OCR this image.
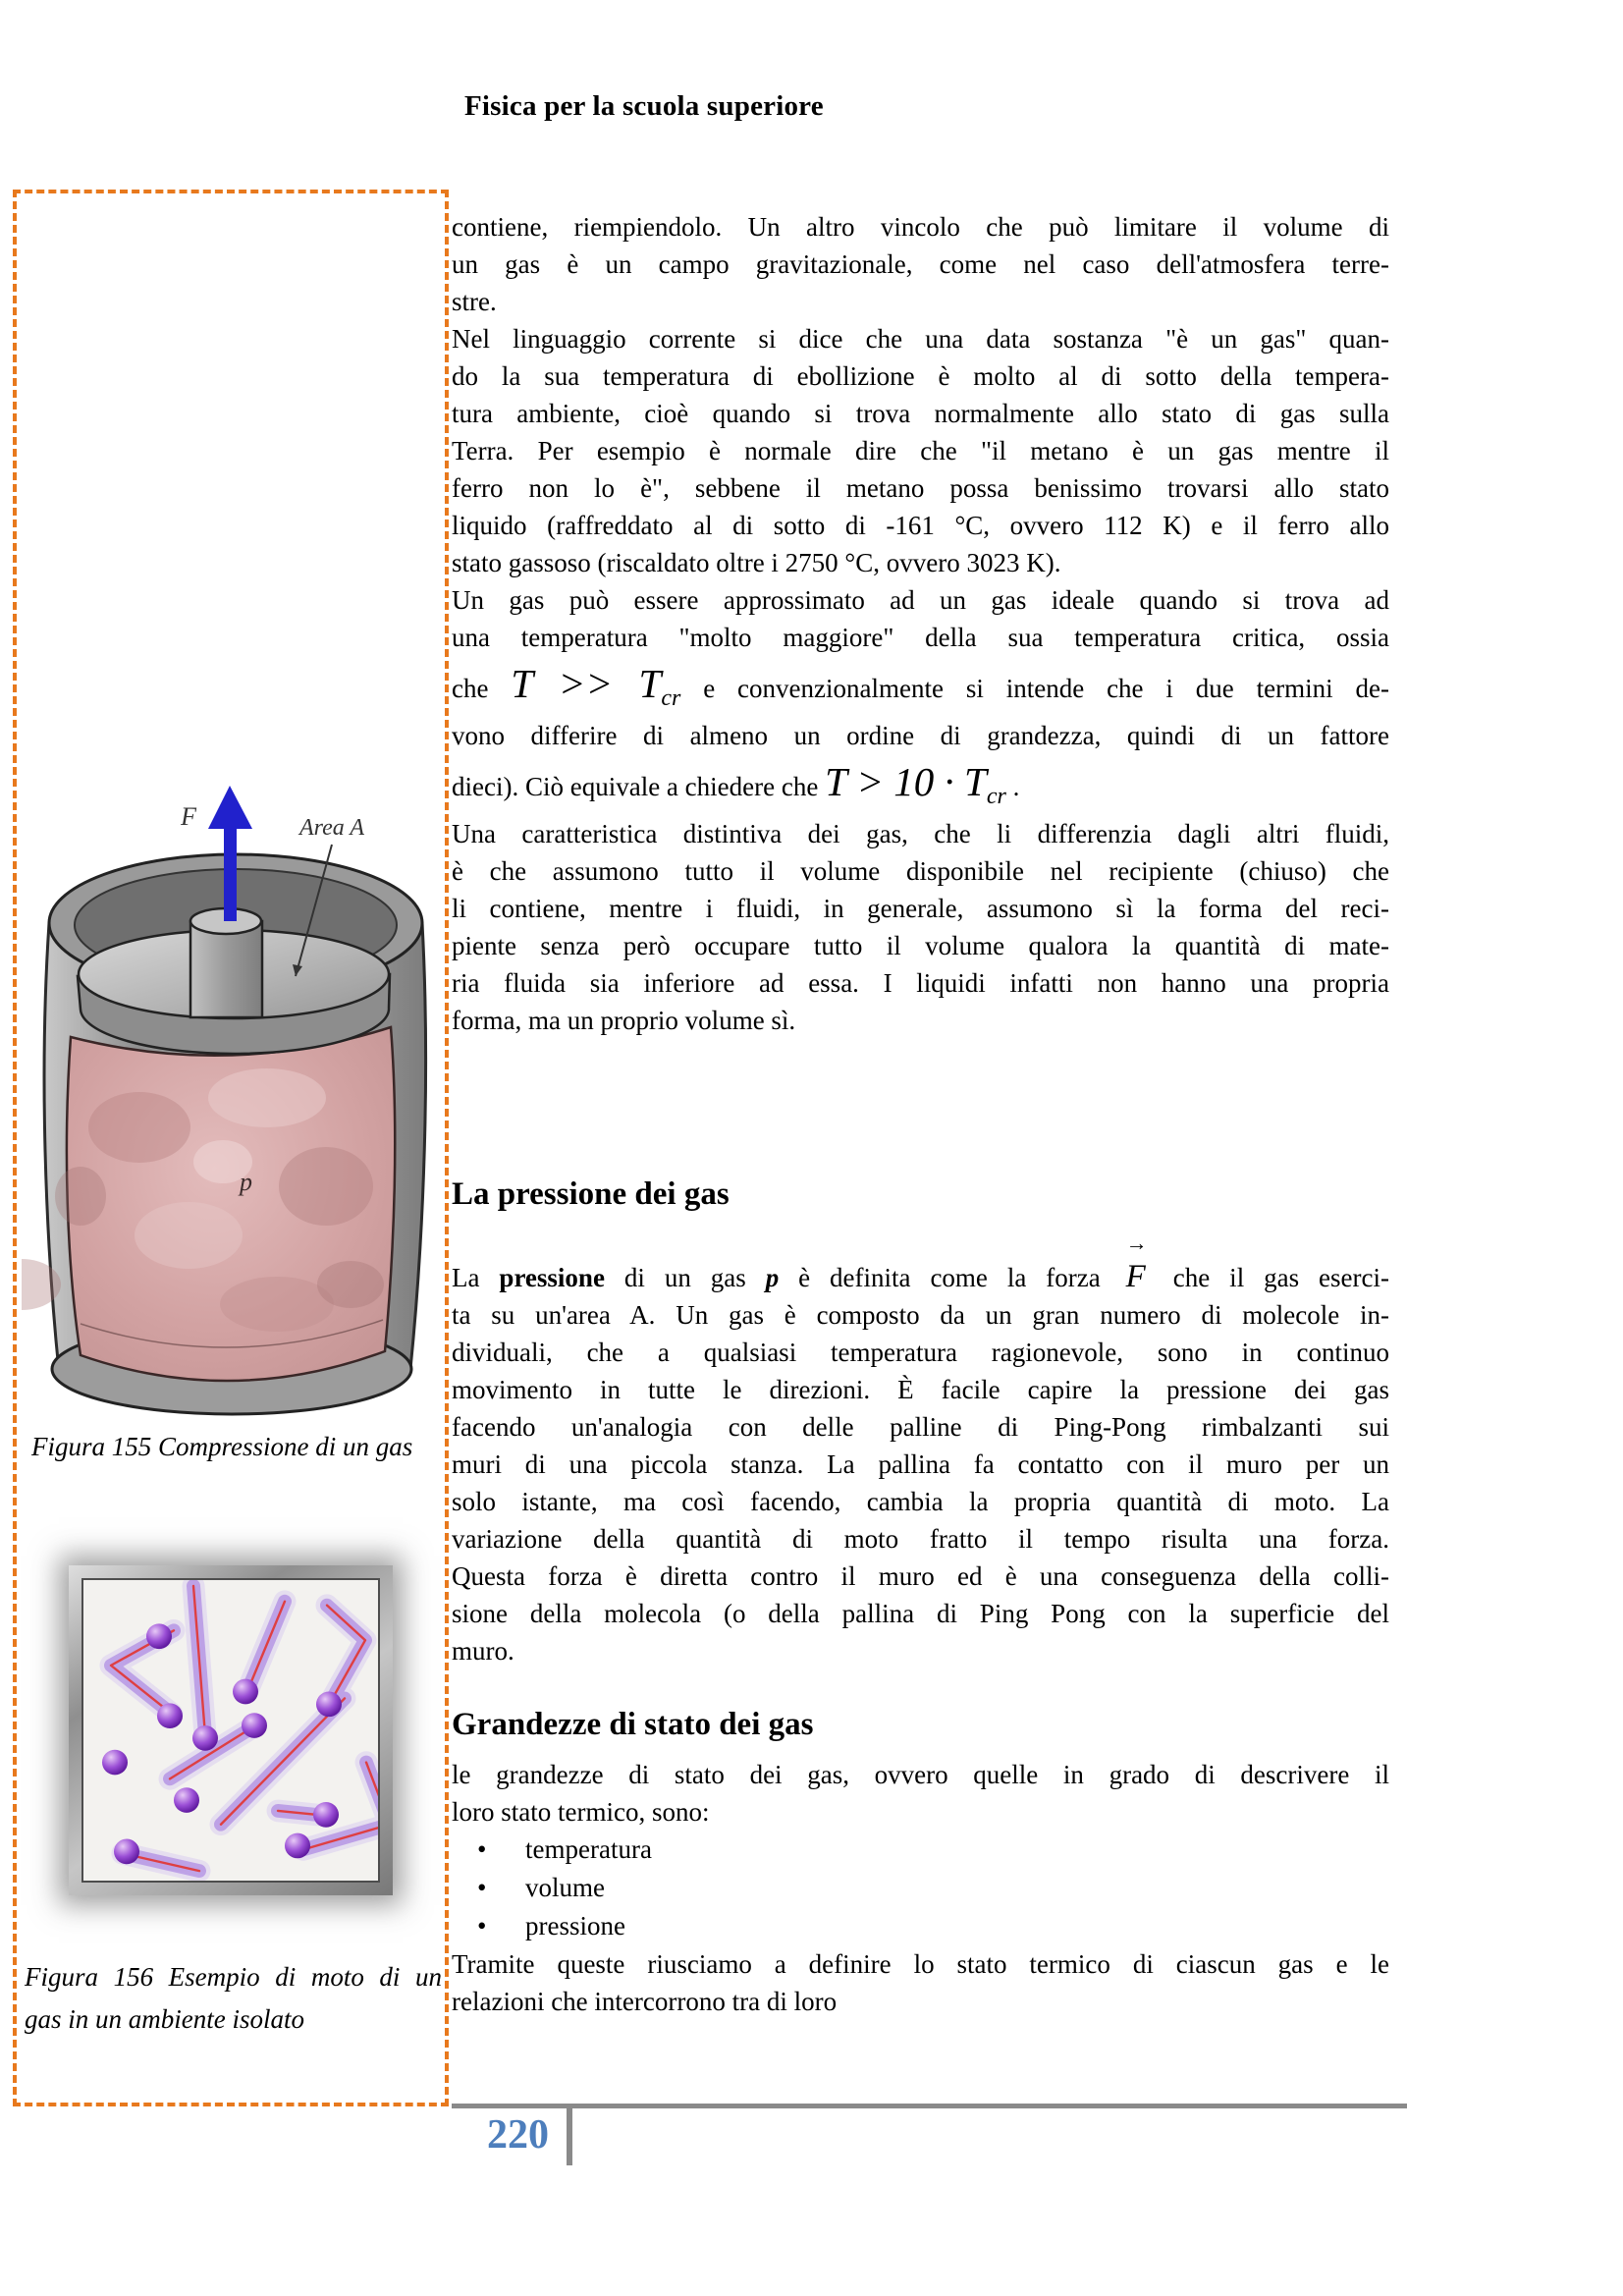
Fisica per la scuola superiore
F	Area A
p
Figura 155 Compressione di un gas
Figura 156 Esempio di moto di un
gas in un ambiente isolato
contiene, riempiendolo. Un altro vincolo che può limitare il volume di
un gas è un campo gravitazionale, come nel caso dell'atmosfera terre-
stre.
Nel linguaggio corrente si dice che una data sostanza "è un gas" quan-
do la sua temperatura di ebollizione è molto al di sotto della tempera-
tura ambiente, cioè quando si trova normalmente allo stato di gas sulla
Terra. Per esempio è normale dire che "il metano è un gas mentre il
ferro non lo è", sebbene il metano possa benissimo trovarsi allo stato
liquido (raffreddato al di sotto di -161 °C, ovvero 112 K) e il ferro allo
stato gassoso (riscaldato oltre i 2750 °C, ovvero 3023 K).
Un gas può essere approssimato ad un gas ideale quando si trova ad
una temperatura "molto maggiore" della sua temperatura critica, ossia
che $T >> T_{cr}$ e convenzionalmente si intende che i due termini de-
vono differire di almeno un ordine di grandezza, quindi di un fattore
dieci). Ciò equivale a chiedere che $T > 10 \cdot T_{cr}$ .
Una caratteristica distintiva dei gas, che li differenzia dagli altri fluidi,
è che assumono tutto il volume disponibile nel recipiente (chiuso) che
li contiene, mentre i fluidi, in generale, assumono sì la forma del reci-
piente senza però occupare tutto il volume qualora la quantità di mate-
ria fluida sia inferiore ad essa. I liquidi infatti non hanno una propria
forma, ma un proprio volume sì.
La pressione dei gas
La pressione di un gas p è definita come la forza
→
F che il gas eserci-
ta su un'area A. Un gas è composto da un gran numero di molecole in-
dividuali, che a qualsiasi temperatura ragionevole, sono in continuo
movimento in tutte le direzioni. È facile capire la pressione dei gas
facendo un'analogia con delle palline di Ping-Pong rimbalzanti sui
muri di una piccola stanza. La pallina fa contatto con il muro per un
solo istante, ma così facendo, cambia la propria quantità di moto. La
variazione della quantità di moto fratto il tempo risulta una forza.
Questa forza è diretta contro il muro ed è una conseguenza della colli-
sione della molecola (o della pallina di Ping Pong con la superficie del
muro.
Grandezze di stato dei gas
le grandezze di stato dei gas, ovvero quelle in grado di descrivere il
loro stato termico, sono:
• temperatura
• volume
• pressione
Tramite queste riusciamo a definire lo stato termico di ciascun gas e le
relazioni che intercorrono tra di loro
220
